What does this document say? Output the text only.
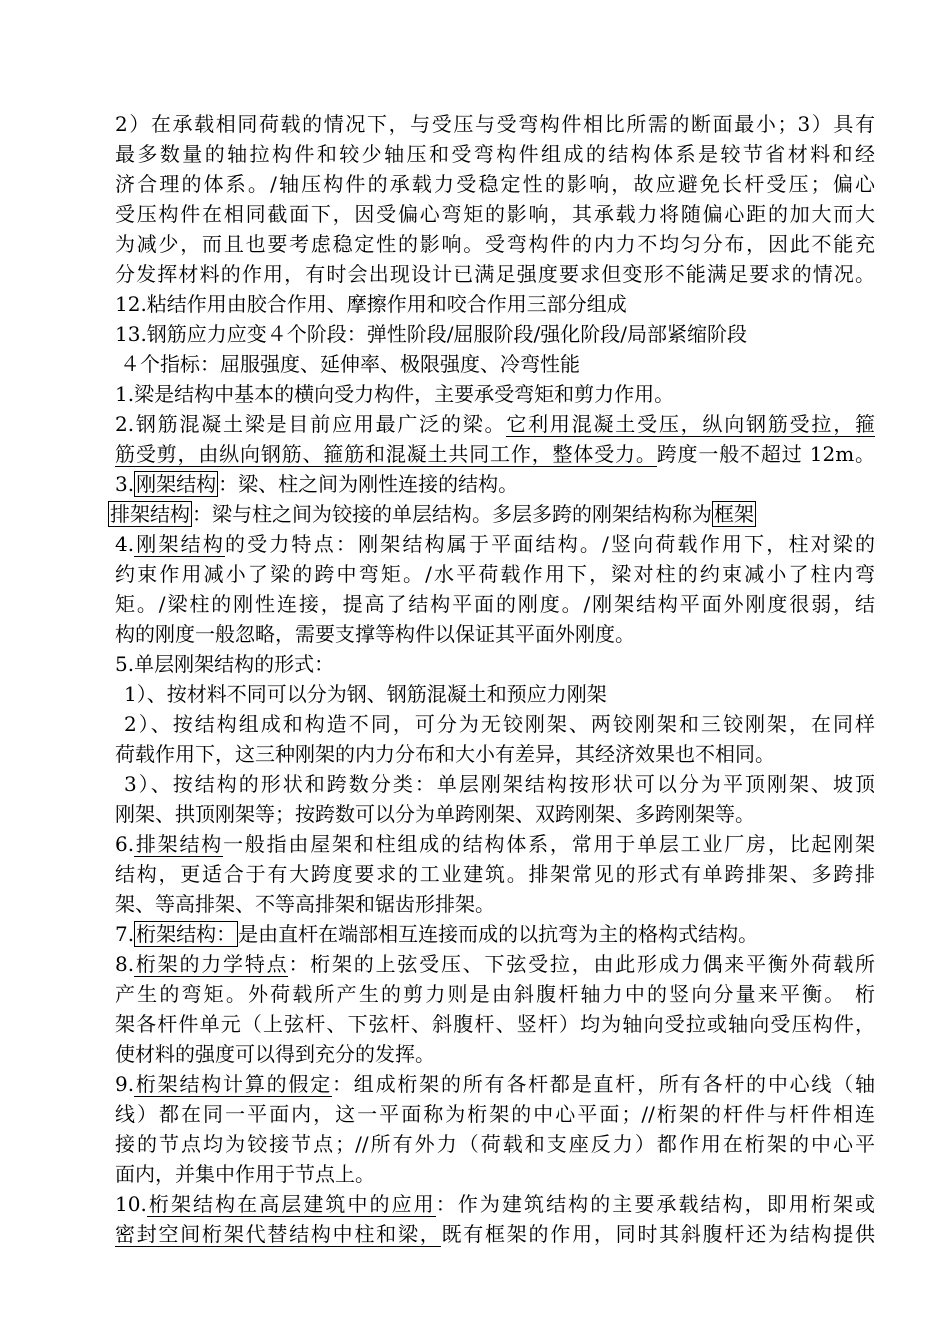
2）在承载相同荷载的情况下，与受压与受弯构件相比所需的断面最小；3）具有
最多数量的轴拉构件和较少轴压和受弯构件组成的结构体系是较节省材料和经
济合理的体系。/轴压构件的承载力受稳定性的影响，故应避免长杆受压；偏心
受压构件在相同截面下，因受偏心弯矩的影响，其承载力将随偏心距的加大而大
为减少，而且也要考虑稳定性的影响。受弯构件的内力不均匀分布，因此不能充
分发挥材料的作用，有时会出现设计已满足强度要求但变形不能满足要求的情况。
12.粘结作用由胶合作用、摩擦作用和咬合作用三部分组成
13.钢筋应力应变４个阶段：弹性阶段/屈服阶段/强化阶段/局部紧缩阶段
４个指标：屈服强度、延伸率、极限强度、冷弯性能
1.梁是结构中基本的横向受力构件，主要承受弯矩和剪力作用。
2.钢筋混凝土梁是目前应用最广泛的梁。它利用混凝土受压，纵向钢筋受拉，箍
筋受剪，由纵向钢筋、箍筋和混凝土共同工作，整体受力。跨度一般不超过 12m。
3. 刚架结构 ：梁、柱之间为刚性连接的结构。
排架结构 ：梁与柱之间为铰接的单层结构。多层多跨的刚架结构称为 框架
4.刚架结构的受力特点：刚架结构属于平面结构。/竖向荷载作用下，柱对梁的
约束作用减小了梁的跨中弯矩。/水平荷载作用下，梁对柱的约束减小了柱内弯
矩。/梁柱的刚性连接，提高了结构平面的刚度。/刚架结构平面外刚度很弱，结
构的刚度一般忽略，需要支撑等构件以保证其平面外刚度。
5.单层刚架结构的形式：
1）、按材料不同可以分为钢、钢筋混凝土和预应力刚架
2）、按结构组成和构造不同，可分为无铰刚架、两铰刚架和三铰刚架，在同样
荷载作用下，这三种刚架的内力分布和大小有差异，其经济效果也不相同。
3）、按结构的形状和跨数分类：单层刚架结构按形状可以分为平顶刚架、坡顶
刚架、拱顶刚架等；按跨数可以分为单跨刚架、双跨刚架、多跨刚架等。
6.排架结构一般指由屋架和柱组成的结构体系，常用于单层工业厂房，比起刚架
结构，更适合于有大跨度要求的工业建筑。排架常见的形式有单跨排架、多跨排
架、等高排架、不等高排架和锯齿形排架。
7. 桁架结构： 是由直杆在端部相互连接而成的以抗弯为主的格构式结构。
8.桁架的力学特点：桁架的上弦受压、下弦受拉，由此形成力偶来平衡外荷载所
产生的弯矩。外荷载所产生的剪力则是由斜腹杆轴力中的竖向分量来平衡。 桁
架各杆件单元（上弦杆、下弦杆、斜腹杆、竖杆）均为轴向受拉或轴向受压构件，
使材料的强度可以得到充分的发挥。
9.桁架结构计算的假定：组成桁架的所有各杆都是直杆，所有各杆的中心线（轴
线）都在同一平面内，这一平面称为桁架的中心平面；//桁架的杆件与杆件相连
接的节点均为铰接节点；//所有外力（荷载和支座反力）都作用在桁架的中心平
面内，并集中作用于节点上。
10.桁架结构在高层建筑中的应用：作为建筑结构的主要承载结构，即用桁架或
密封空间桁架代替结构中柱和梁，既有框架的作用，同时其斜腹杆还为结构提供
